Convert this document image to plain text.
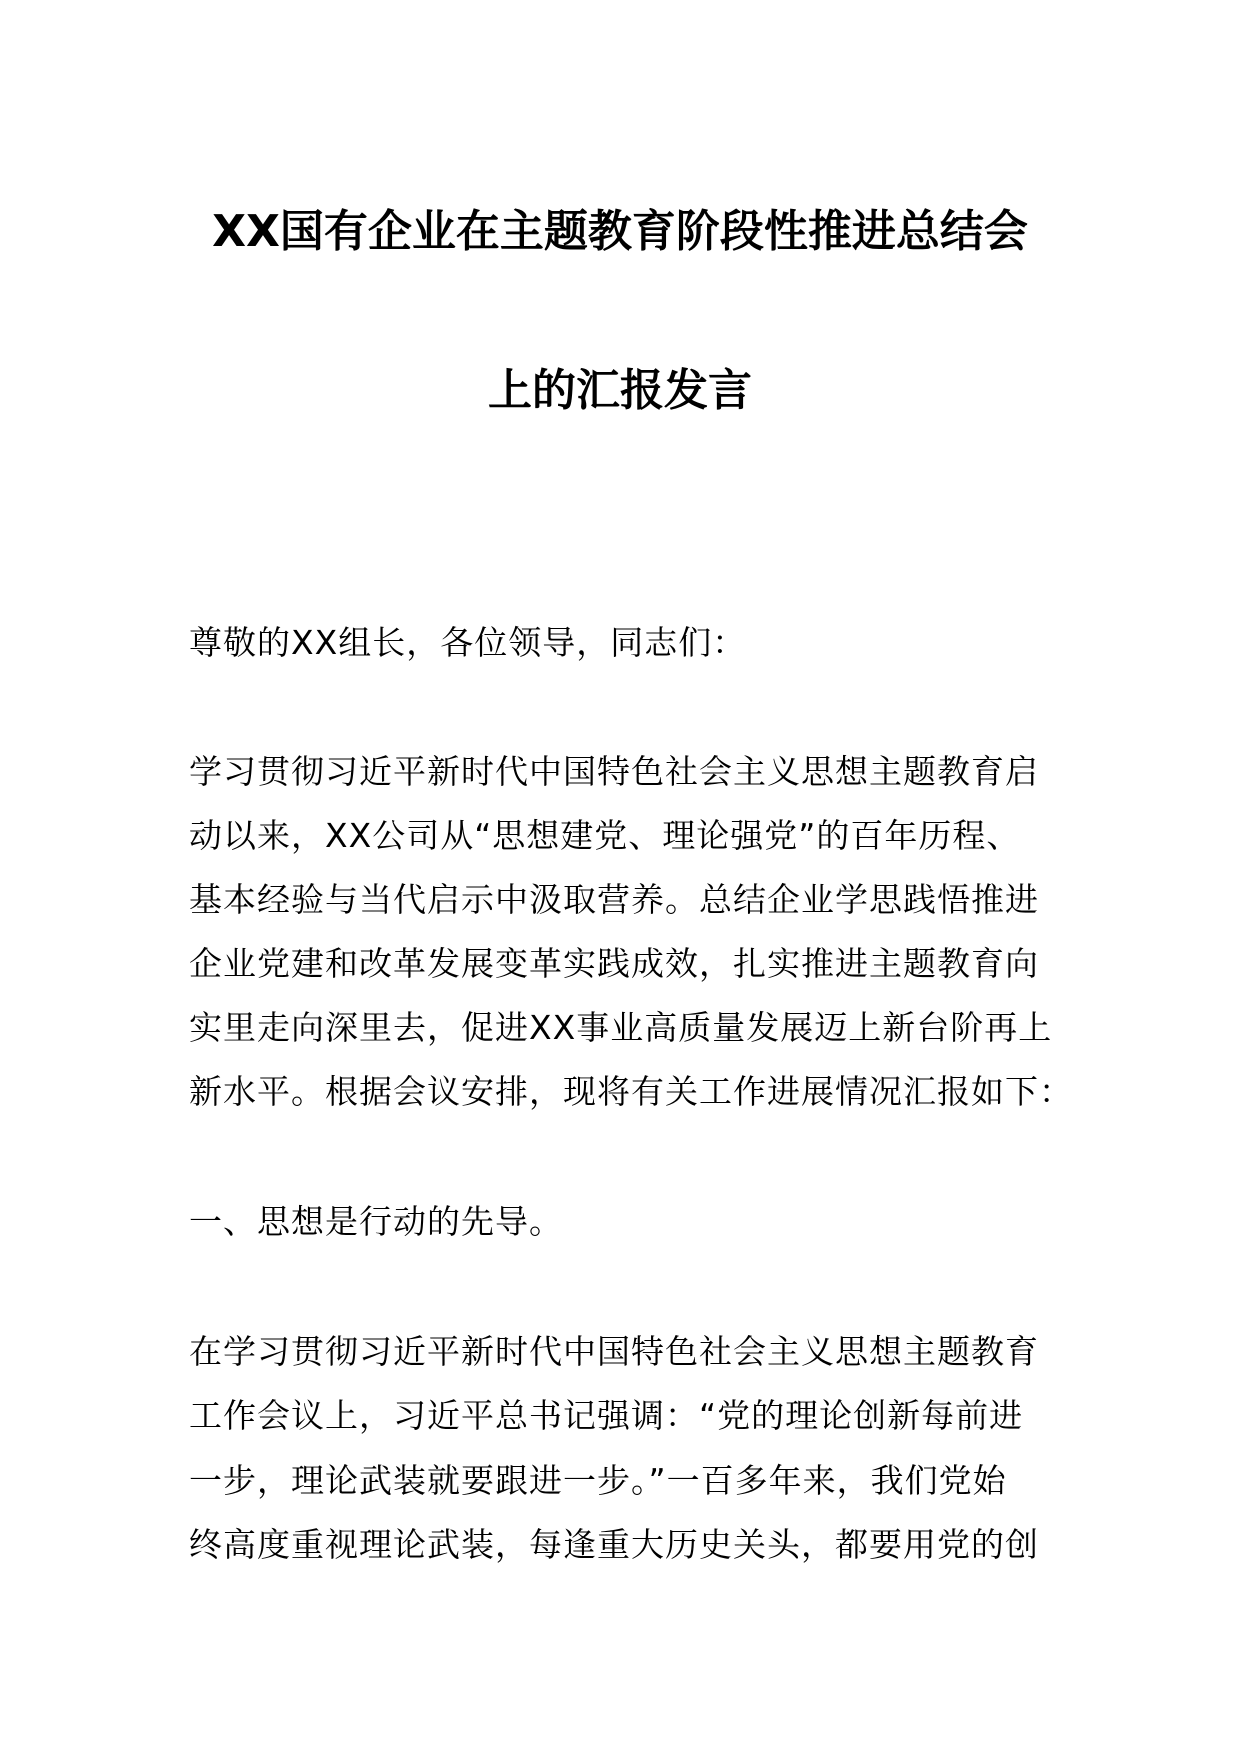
XX国有企业在主题教育阶段性推进总结会
上的汇报发言
尊敬的XX组长，各位领导，同志们：
学习贯彻习近平新时代中国特色社会主义思想主题教育启
动以来，XX公司从“思想建党、理论强党”的百年历程、
基本经验与当代启示中汲取营养。总结企业学思践悟推进
企业党建和改革发展变革实践成效，扎实推进主题教育向
实里走向深里去，促进XX事业高质量发展迈上新台阶再上
新水平。根据会议安排，现将有关工作进展情况汇报如下：
一、思想是行动的先导。
在学习贯彻习近平新时代中国特色社会主义思想主题教育
工作会议上，习近平总书记强调：“党的理论创新每前进
一步，理论武装就要跟进一步。”一百多年来，我们党始
终高度重视理论武装，每逢重大历史关头，都要用党的创
